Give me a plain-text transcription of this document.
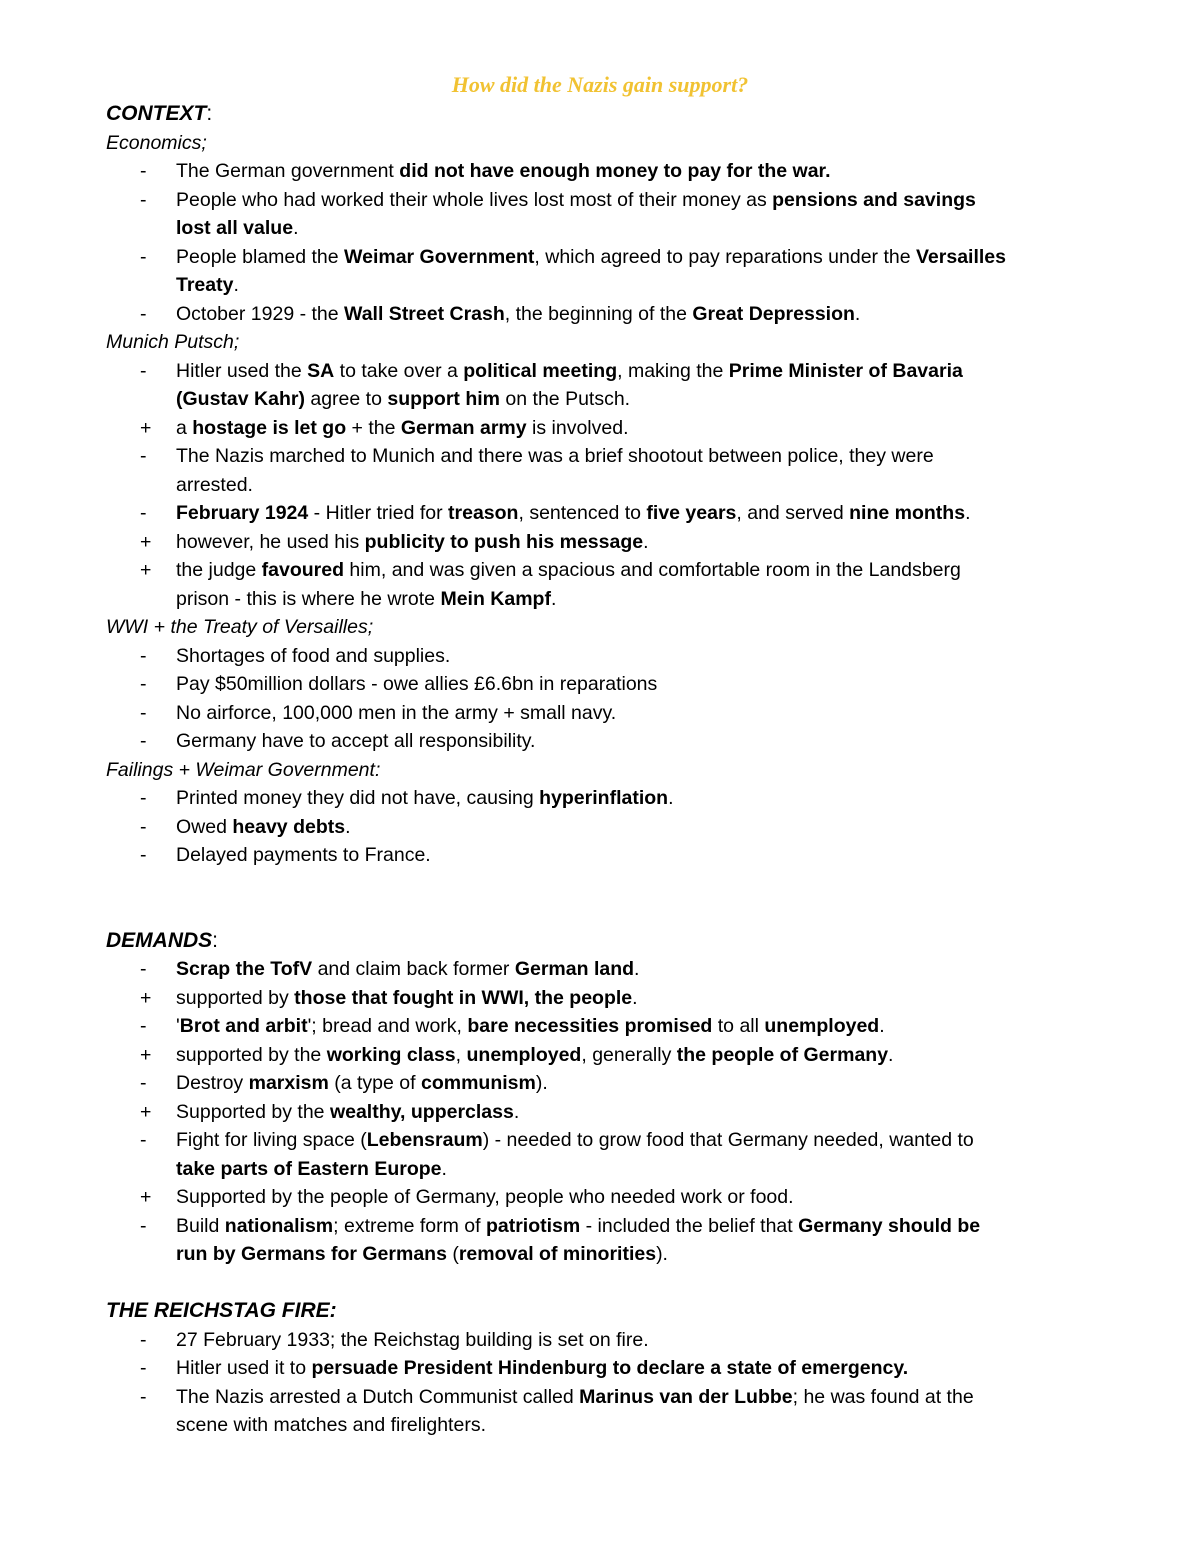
How did the Nazis gain support?
CONTEXT:
Economics;
-	The German government did not have enough money to pay for the war.
-	People who had worked their whole lives lost most of their money as pensions and savings
lost all value.
-	People blamed the Weimar Government, which agreed to pay reparations under the Versailles
Treaty.
-	October 1929 - the Wall Street Crash, the beginning of the Great Depression.
Munich Putsch;
-	Hitler used the SA to take over a political meeting, making the Prime Minister of Bavaria
(Gustav Kahr) agree to support him on the Putsch.
+	a hostage is let go + the German army is involved.
-	The Nazis marched to Munich and there was a brief shootout between police, they were
arrested.
-	February 1924 - Hitler tried for treason, sentenced to five years, and served nine months.
+	however, he used his publicity to push his message.
+	the judge favoured him, and was given a spacious and comfortable room in the Landsberg
prison - this is where he wrote Mein Kampf.
WWI + the Treaty of Versailles;
-	Shortages of food and supplies.
-	Pay $50million dollars - owe allies £6.6bn in reparations
-	No airforce, 100,000 men in the army + small navy.
-	Germany have to accept all responsibility.
Failings + Weimar Government:
-	Printed money they did not have, causing hyperinflation.
-	Owed heavy debts.
-	Delayed payments to France.
DEMANDS:
-	Scrap the TofV and claim back former German land.
+	supported by those that fought in WWI, the people.
-	'Brot and arbit'; bread and work, bare necessities promised to all unemployed.
+	supported by the working class, unemployed, generally the people of Germany.
-	Destroy marxism (a type of communism).
+	Supported by the wealthy, upperclass.
-	Fight for living space (Lebensraum) - needed to grow food that Germany needed, wanted to
take parts of Eastern Europe.
+	Supported by the people of Germany, people who needed work or food.
-	Build nationalism; extreme form of patriotism - included the belief that Germany should be
run by Germans for Germans (removal of minorities).
THE REICHSTAG FIRE:
-	27 February 1933; the Reichstag building is set on fire.
-	Hitler used it to persuade President Hindenburg to declare a state of emergency.
-	The Nazis arrested a Dutch Communist called Marinus van der Lubbe; he was found at the
scene with matches and firelighters.
